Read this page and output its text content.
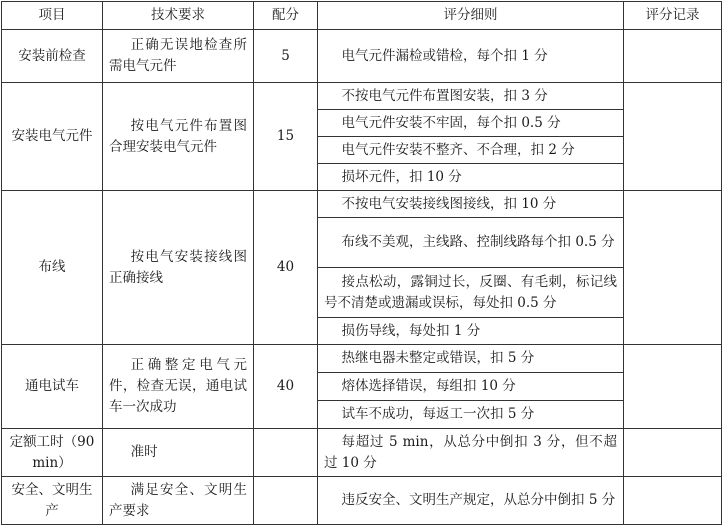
项目	技术要求	配分	评分细则	评分记录
安装前检查	正确无误地检查所需电气元件	5	电气元件漏检或错检，每个扣 1 分	
安装电气元件	按电气元件布置图合理安装电气元件	15	不按电气元件布置图安装，扣 3 分	
			电气元件安装不牢固，每个扣 0.5 分	
			电气元件安装不整齐、不合理，扣 2 分	
			损坏元件，扣 10 分	
布线	按电气安装接线图正确接线	40	不按电气安装接线图接线，扣 10 分	
			布线不美观，主线路、控制线路每个扣 0.5 分	
			接点松动，露铜过长，反圈、有毛刺，标记线号不清楚或遗漏或误标，每处扣 0.5 分	
			损伤导线，每处扣 1 分	
通电试车	正确整定电气元件，检查无误，通电试车一次成功	40	热继电器未整定或错误，扣 5 分	
			熔体选择错误，每组扣 10 分	
			试车不成功，每返工一次扣 5 分	
定额工时（90 min）	准时		每超过 5 min，从总分中倒扣 3 分，但不超过 10 分	
安全、文明生产	满足安全、文明生产要求		违反安全、文明生产规定，从总分中倒扣 5 分	
